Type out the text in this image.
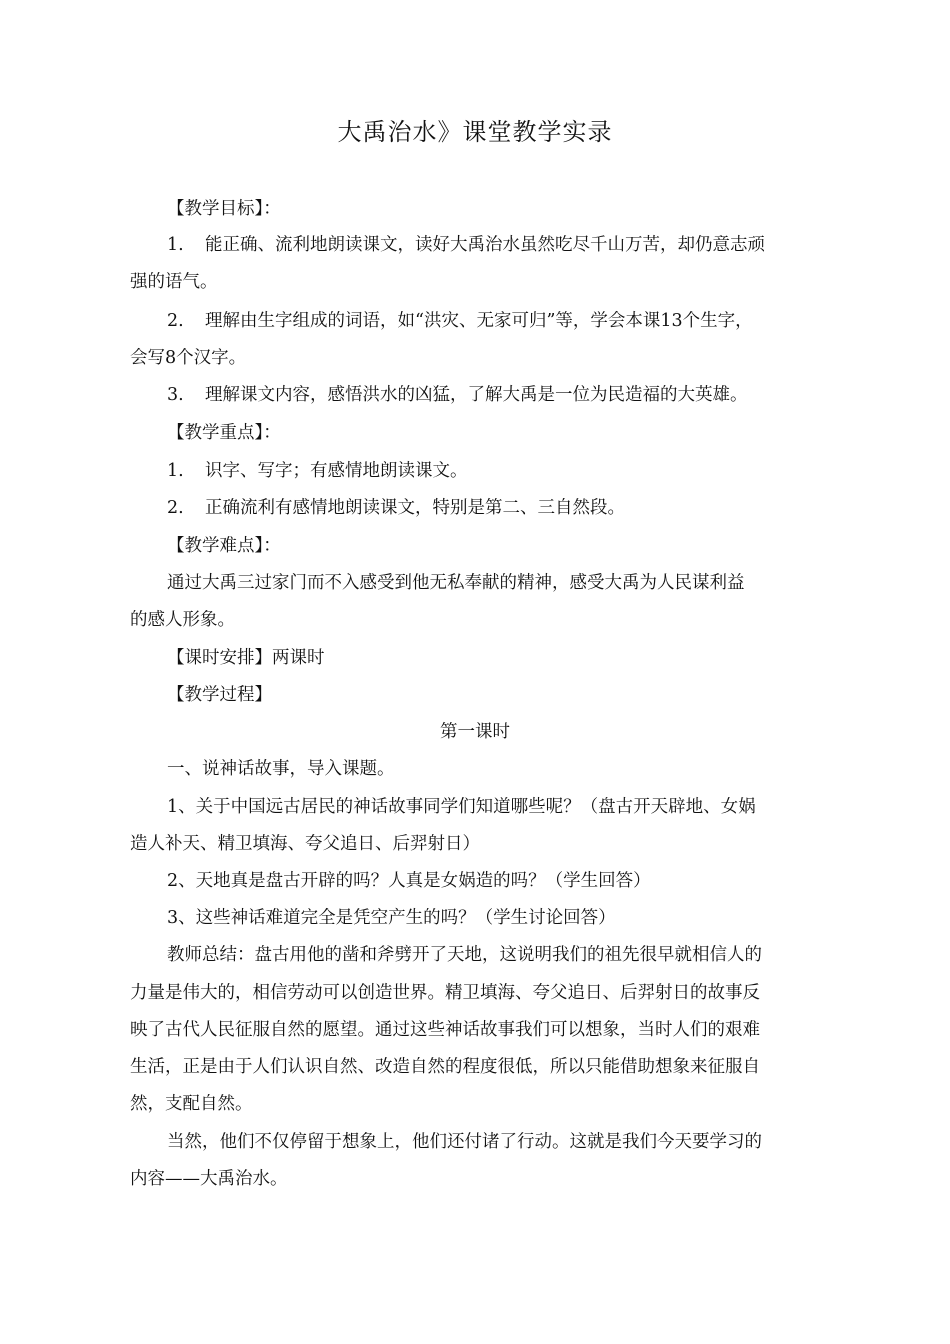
大禹治水》课堂教学实录
【教学目标】：
1. 能正确、流利地朗读课文，读好大禹治水虽然吃尽千山万苦，却仍意志顽
强的语气。
2. 理解由生字组成的词语，如“洪灾、无家可归”等，学会本课13个生字，
会写8个汉字。
3. 理解课文内容，感悟洪水的凶猛，了解大禹是一位为民造福的大英雄。
【教学重点】：
1. 识字、写字；有感情地朗读课文。
2. 正确流利有感情地朗读课文，特别是第二、三自然段。
【教学难点】：
通过大禹三过家门而不入感受到他无私奉献的精神，感受大禹为人民谋利益
的感人形象。
【课时安排】两课时
【教学过程】
第一课时
一、说神话故事，导入课题。
1、关于中国远古居民的神话故事同学们知道哪些呢？（盘古开天辟地、女娲
造人补天、精卫填海、夸父追日、后羿射日）
2、天地真是盘古开辟的吗？人真是女娲造的吗？（学生回答）
3、这些神话难道完全是凭空产生的吗？（学生讨论回答）
教师总结：盘古用他的凿和斧劈开了天地，这说明我们的祖先很早就相信人的
力量是伟大的，相信劳动可以创造世界。精卫填海、夸父追日、后羿射日的故事反
映了古代人民征服自然的愿望。通过这些神话故事我们可以想象，当时人们的艰难
生活，正是由于人们认识自然、改造自然的程度很低，所以只能借助想象来征服自
然，支配自然。
当然，他们不仅停留于想象上，他们还付诸了行动。这就是我们今天要学习的
内容——大禹治水。
